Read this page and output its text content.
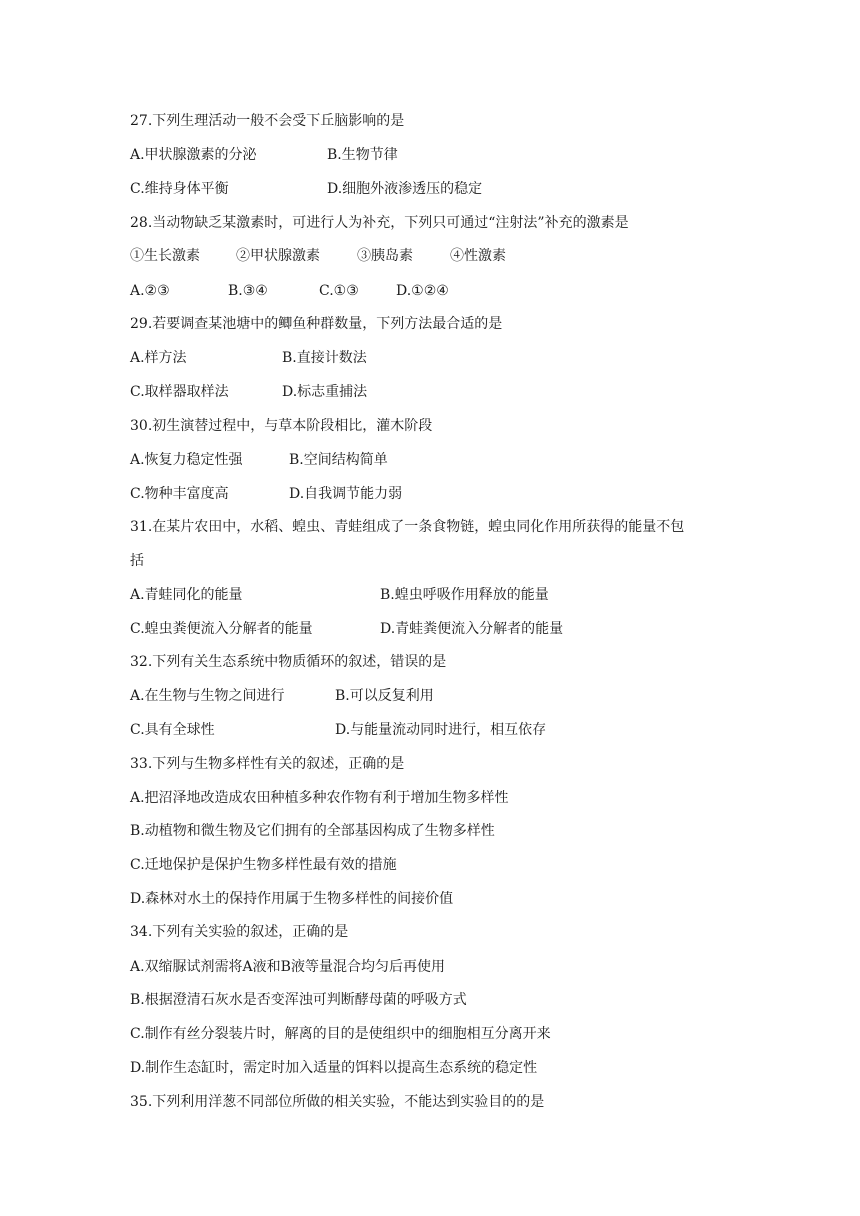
27.下列生理活动一般不会受下丘脑影响的是
A.甲状腺激素的分泌	B.生物节律
C.维持身体平衡	D.细胞外液渗透压的稳定
28.当动物缺乏某激素时，可进行人为补充，下列只可通过“注射法”补充的激素是
①生长激素	②甲状腺激素	③胰岛素	④性激素
A.②③	B.③④	C.①③	D.①②④
29.若要调查某池塘中的鲫鱼种群数量，下列方法最合适的是
A.样方法	B.直接计数法
C.取样器取样法	D.标志重捕法
30.初生演替过程中，与草本阶段相比，灌木阶段
A.恢复力稳定性强	B.空间结构简单
C.物种丰富度高	D.自我调节能力弱
31.在某片农田中，水稻、蝗虫、青蛙组成了一条食物链，蝗虫同化作用所获得的能量不包
括
A.青蛙同化的能量	B.蝗虫呼吸作用释放的能量
C.蝗虫粪便流入分解者的能量	D.青蛙粪便流入分解者的能量
32.下列有关生态系统中物质循环的叙述，错误的是
A.在生物与生物之间进行	B.可以反复利用
C.具有全球性	D.与能量流动同时进行，相互依存
33.下列与生物多样性有关的叙述，正确的是
A.把沼泽地改造成农田种植多种农作物有利于增加生物多样性
B.动植物和微生物及它们拥有的全部基因构成了生物多样性
C.迁地保护是保护生物多样性最有效的措施
D.森林对水土的保持作用属于生物多样性的间接价值
34.下列有关实验的叙述，正确的是
A.双缩脲试剂需将A液和B液等量混合均匀后再使用
B.根据澄清石灰水是否变浑浊可判断酵母菌的呼吸方式
C.制作有丝分裂装片时，解离的目的是使组织中的细胞相互分离开来
D.制作生态缸时，需定时加入适量的饵料以提高生态系统的稳定性
35.下列利用洋葱不同部位所做的相关实验，不能达到实验目的的是
